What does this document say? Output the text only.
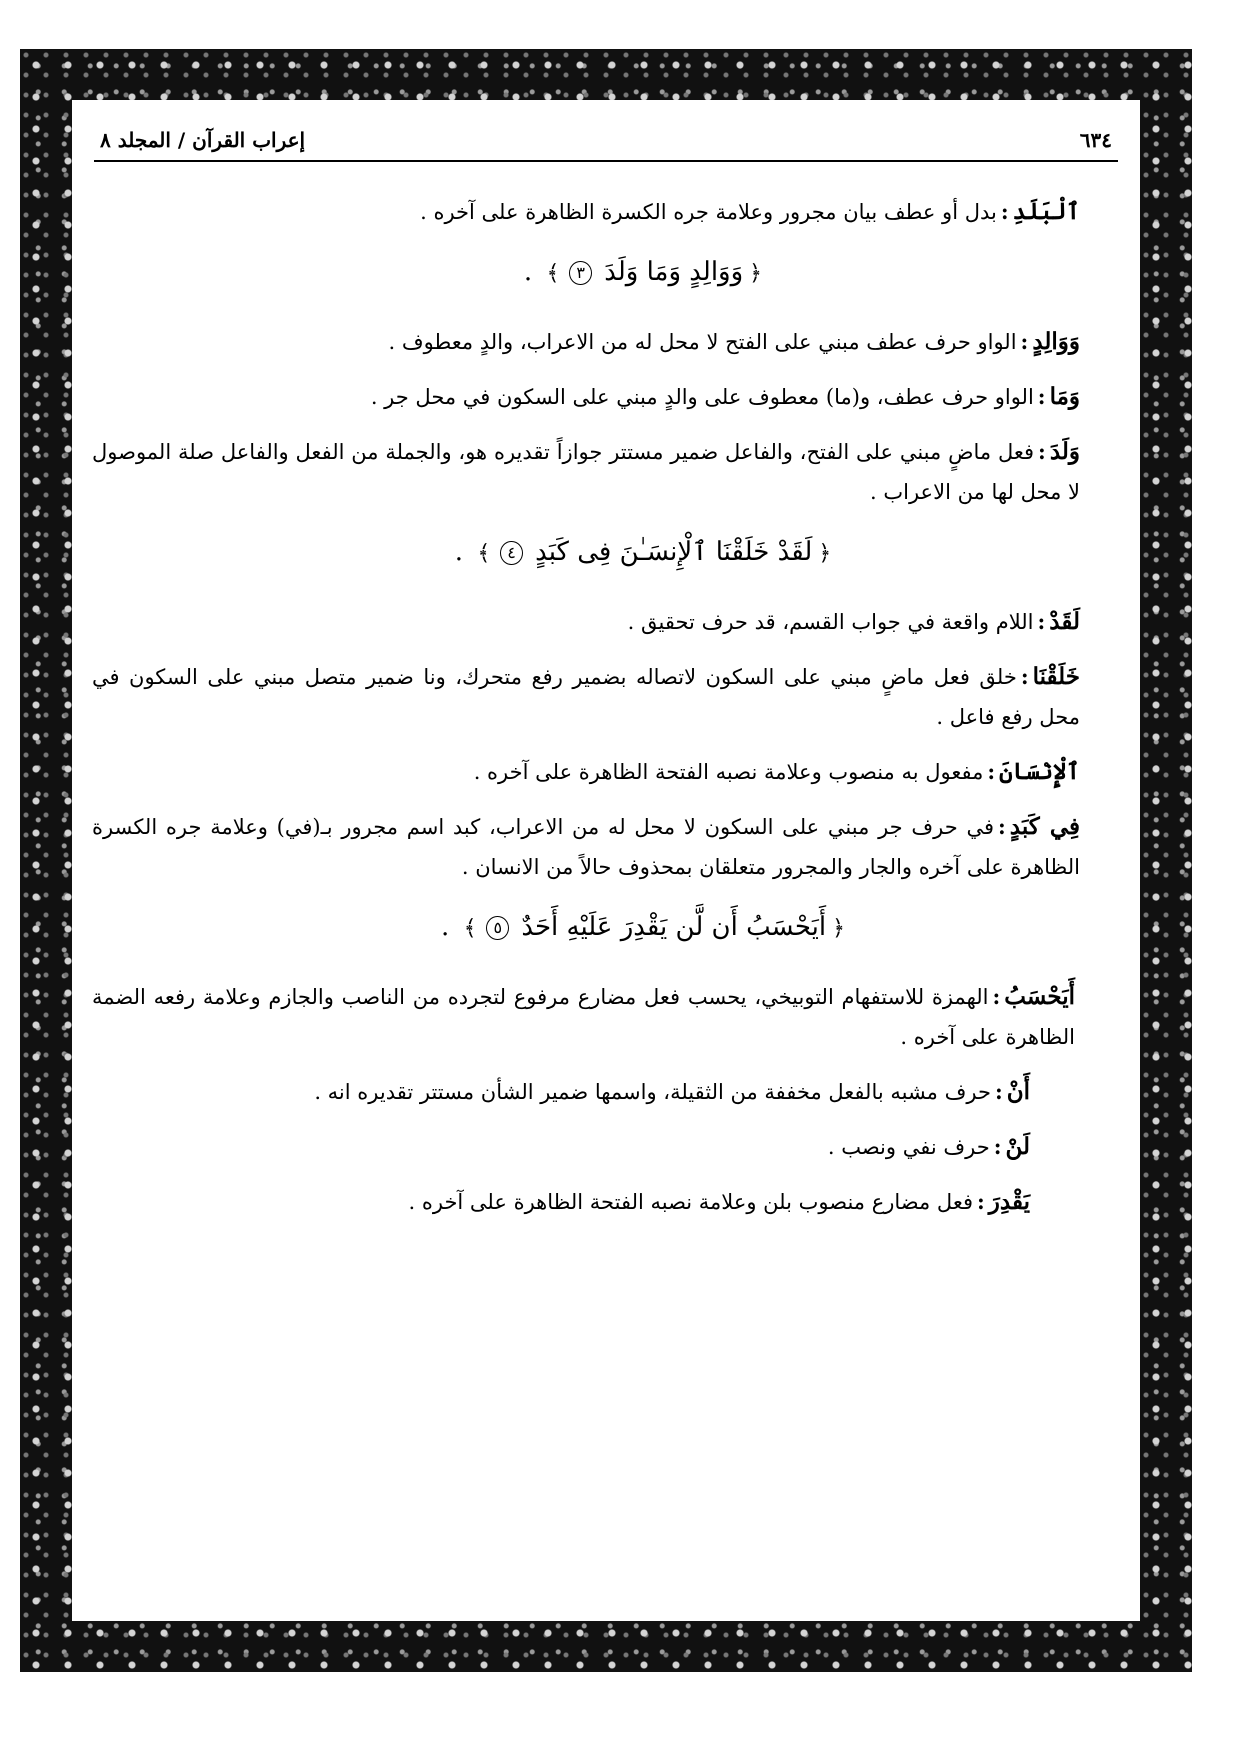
٦٣٤
إعراب القرآن / المجلد ٨

ٱلْبَلَدِ:بدل أو عطف بيان مجرور وعلامة جره الكسرة الظاهرة على آخره .

﴿وَوَالِدٍ وَمَا وَلَدَ ٣﴾ .

وَوَالِدٍ:الواو حرف عطف مبني على الفتح لا محل له من الاعراب، والدٍ معطوف .

وَمَا:الواو حرف عطف، و(ما) معطوف على والدٍ مبني على السكون في محل جر .

وَلَدَ:فعل ماضٍ مبني على الفتح، والفاعل ضمير مستتر جوازاً تقديره هو، والجملة من الفعل والفاعل صلة الموصول لا محل لها من الاعراب .

﴿لَقَدْ خَلَقْنَا ٱلْإِنسَـٰنَ فِى كَبَدٍ ٤﴾ .

لَقَدْ:اللام واقعة في جواب القسم، قد حرف تحقيق .

خَلَقْنَا:خلق فعل ماضٍ مبني على السكون لاتصاله بضمير رفع متحرك، ونا ضمير متصل مبني على السكون في محل رفع فاعل .

ٱلْإِنْسَانَ:مفعول به منصوب وعلامة نصبه الفتحة الظاهرة على آخره .

فِي كَبَدٍ:في حرف جر مبني على السكون لا محل له من الاعراب، كبد اسم مجرور بـ(في) وعلامة جره الكسرة الظاهرة على آخره والجار والمجرور متعلقان بمحذوف حالاً من الانسان .

﴿أَيَحْسَبُ أَن لَّن يَقْدِرَ عَلَيْهِ أَحَدٌ ٥﴾ .

أَيَحْسَبُ:الهمزة للاستفهام التوبيخي، يحسب فعل مضارع مرفوع لتجرده من الناصب والجازم وعلامة رفعه الضمة الظاهرة على آخره .

أَنْ:حرف مشبه بالفعل مخففة من الثقيلة، واسمها ضمير الشأن مستتر تقديره انه .

لَنْ:حرف نفي ونصب .

يَقْدِرَ:فعل مضارع منصوب بلن وعلامة نصبه الفتحة الظاهرة على آخره .
